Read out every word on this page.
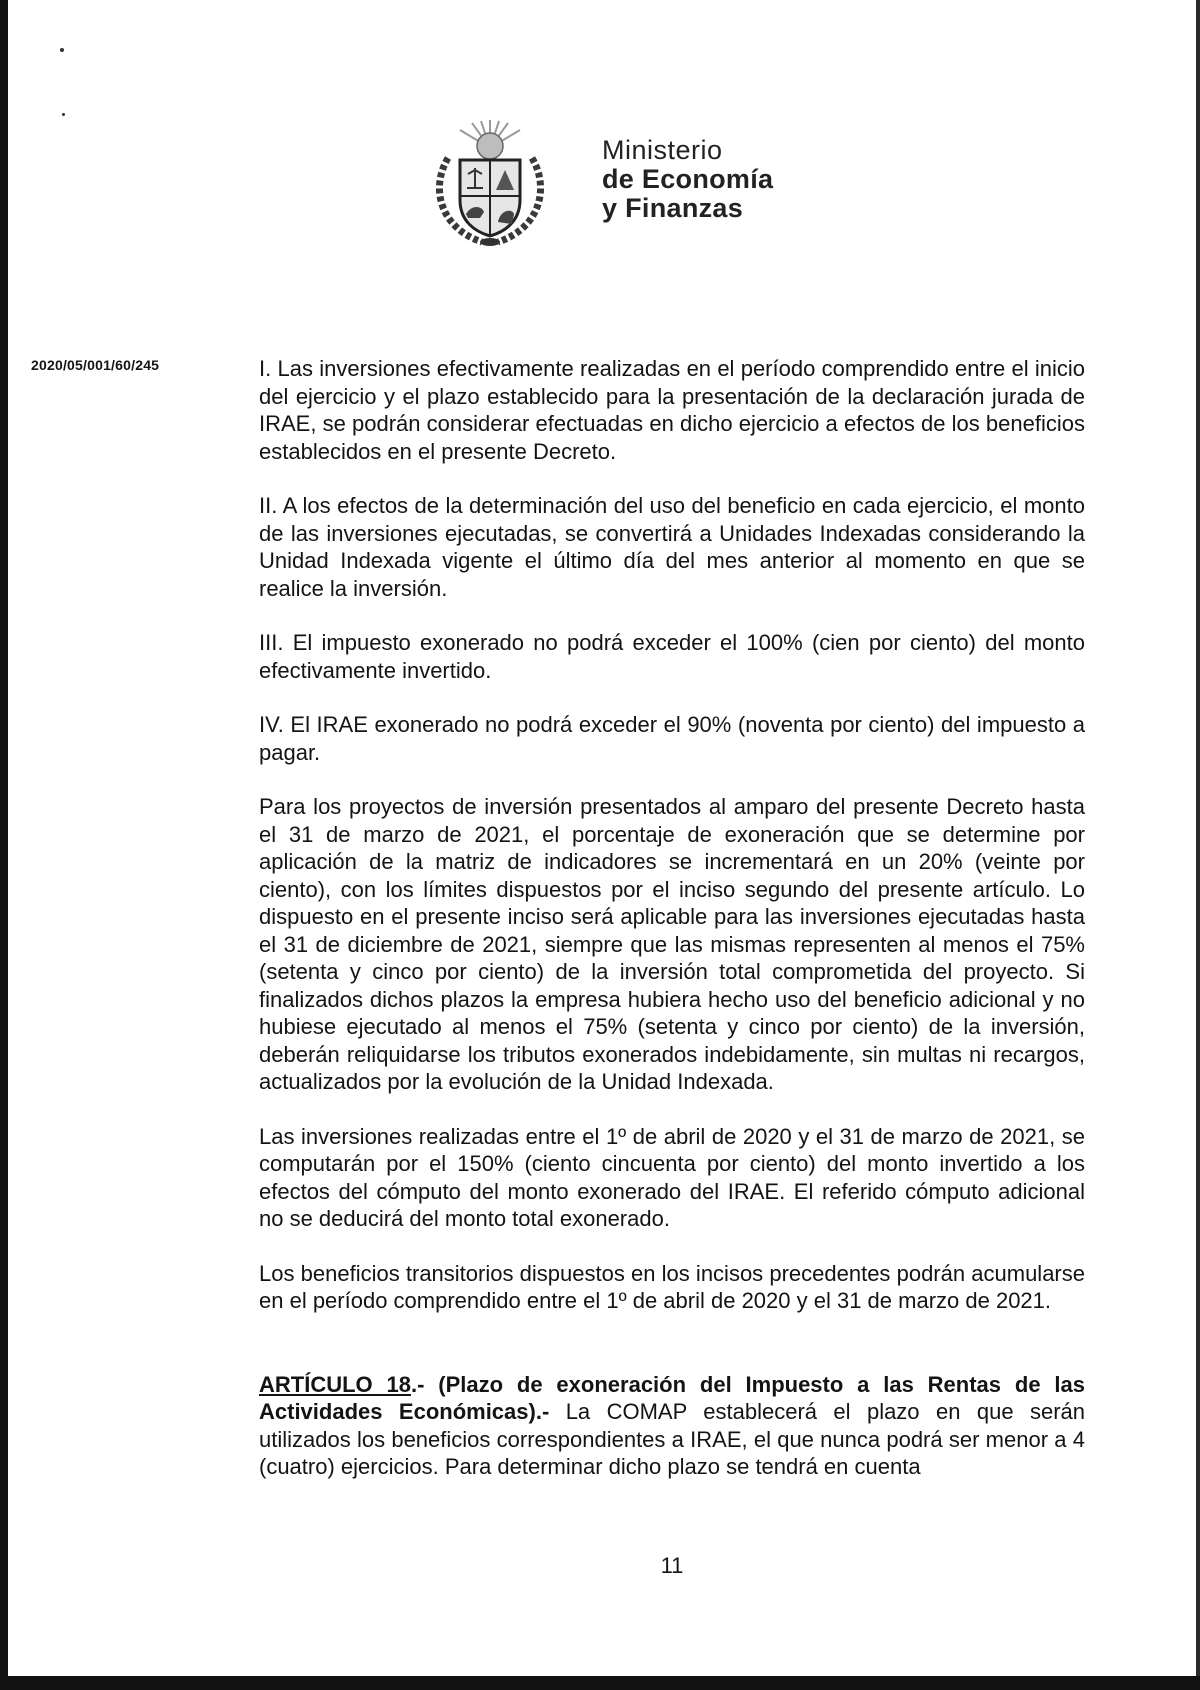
Ministerio
de Economía
y Finanzas
2020/05/001/60/245	I. Las inversiones efectivamente realizadas en el período comprendido entre el inicio del ejercicio y el plazo establecido para la presentación de la declaración jurada de IRAE, se podrán considerar efectuadas en dicho ejercicio a efectos de los beneficios establecidos en el presente Decreto.

II. A los efectos de la determinación del uso del beneficio en cada ejercicio, el monto de las inversiones ejecutadas, se convertirá a Unidades Indexadas considerando la Unidad Indexada vigente el último día del mes anterior al momento en que se realice la inversión.

III. El impuesto exonerado no podrá exceder el 100% (cien por ciento) del monto efectivamente invertido.

IV. El IRAE exonerado no podrá exceder el 90% (noventa por ciento) del impuesto a pagar.

Para los proyectos de inversión presentados al amparo del presente Decreto hasta el 31 de marzo de 2021, el porcentaje de exoneración que se determine por aplicación de la matriz de indicadores se incrementará en un 20% (veinte por ciento), con los límites dispuestos por el inciso segundo del presente artículo. Lo dispuesto en el presente inciso será aplicable para las inversiones ejecutadas hasta el 31 de diciembre de 2021, siempre que las mismas representen al menos el 75% (setenta y cinco por ciento) de la inversión total comprometida del proyecto. Si finalizados dichos plazos la empresa hubiera hecho uso del beneficio adicional y no hubiese ejecutado al menos el 75% (setenta y cinco por ciento) de la inversión, deberán reliquidarse los tributos exonerados indebidamente, sin multas ni recargos, actualizados por la evolución de la Unidad Indexada.

Las inversiones realizadas entre el 1º de abril de 2020 y el 31 de marzo de 2021, se computarán por el 150% (ciento cincuenta por ciento) del monto invertido a los efectos del cómputo del monto exonerado del IRAE. El referido cómputo adicional no se deducirá del monto total exonerado.

Los beneficios transitorios dispuestos en los incisos precedentes podrán acumularse en el período comprendido entre el 1º de abril de 2020 y el 31 de marzo de 2021.

ARTÍCULO 18.- (Plazo de exoneración del Impuesto a las Rentas de las Actividades Económicas).- La COMAP establecerá el plazo en que serán utilizados los beneficios correspondientes a IRAE, el que nunca podrá ser menor a 4 (cuatro) ejercicios. Para determinar dicho plazo se tendrá en cuenta

11
